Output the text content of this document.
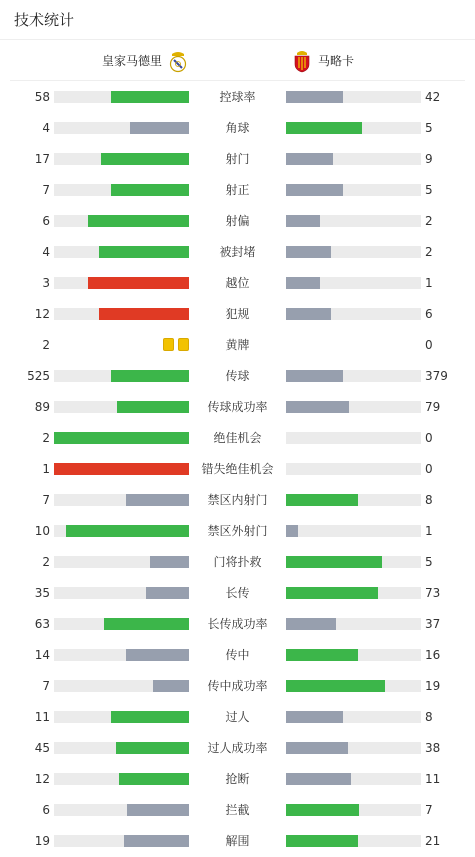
技术统计
皇家马德里	马略卡
58	控球率	42
4	角球	5
17	射门	9
7	射正	5
6	射偏	2
4	被封堵	2
3	越位	1
12	犯规	6
2	黄牌	0
525	传球	379
89	传球成功率	79
2	绝佳机会	0
1	错失绝佳机会	0
7	禁区内射门	8
10	禁区外射门	1
2	门将扑救	5
35	长传	73
63	长传成功率	37
14	传中	16
7	传中成功率	19
11	过人	8
45	过人成功率	38
12	抢断	11
6	拦截	7
19	解围	21
